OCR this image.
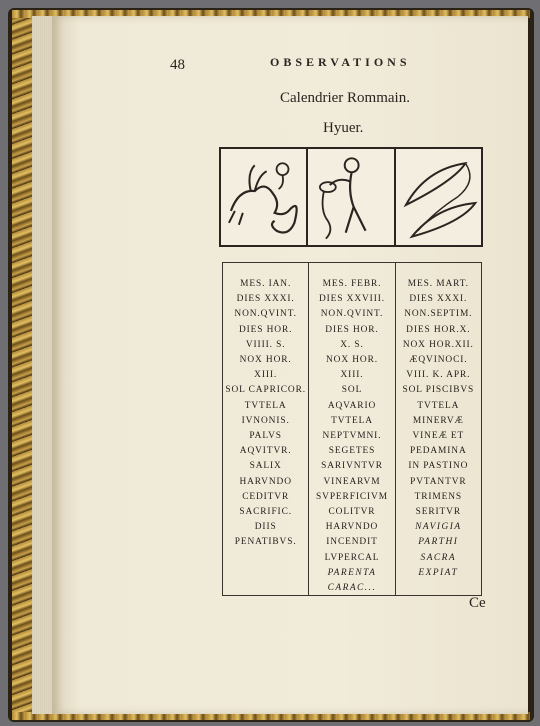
48	OBSERVATIONS
Calendrier Rommain.
Hyuer.
MES. IAN.
DIES XXXI.
NON.QVINT.
DIES HOR.
VIIII. S.
NOX HOR.
XIII.
SOL CAPRICOR.
TVTELA
IVNONIS.
PALVS
AQVITVR.
SALIX
HARVNDO
CEDITVR
SACRIFIC.
DIIS
PENATIBVS.
MES. FEBR.
DIES XXVIII.
NON.QVINT.
DIES HOR.
X. S.
NOX HOR.
XIII.
SOL
AQVARIO
TVTELA
NEPTVMNI.
SEGETES
SARIVNTVR
VINEARVM
SVPERFICIVM
COLITVR
HARVNDO
INCENDIT
LVPERCAL
PARENTA
CARAC...
MES. MART.
DIES XXXI.
NON.SEPTIM.
DIES HOR.X.
NOX HOR.XII.
ÆQVINOCI.
VIII. K. APR.
SOL PISCIBVS
TVTELA
MINERVÆ
VINEÆ ET
PEDAMINA
IN PASTINO
PVTANTVR
TRIMENS
SERITVR
NAVIGIA
PARTHI
SACRA
EXPIAT
Ce
